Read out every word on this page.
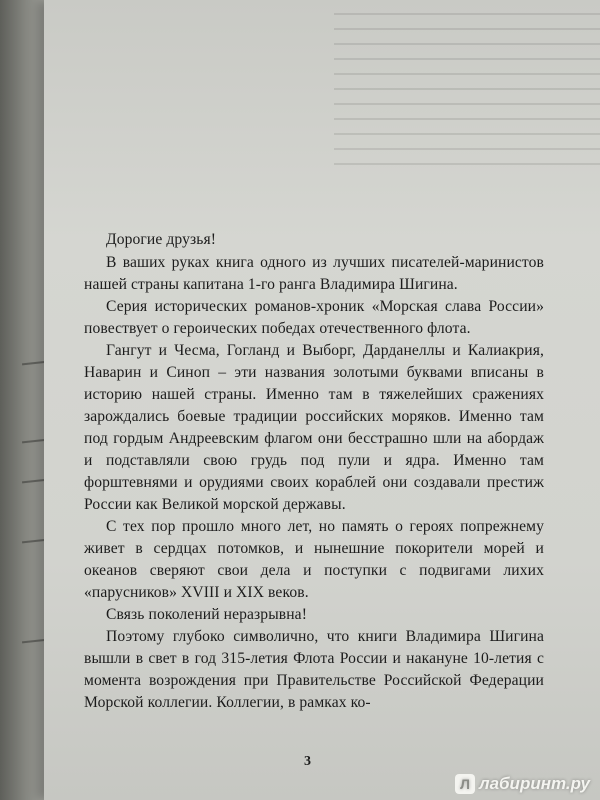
Дорогие друзья!

В ваших руках книга одного из лучших писателей-маринистов нашей страны капитана 1-го ранга Владимира Шигина.

Серия исторических романов-хроник «Морская слава России» повествует о героических победах отечественного флота.

Гангут и Чесма, Гогланд и Выборг, Дарданеллы и Калиакрия, Наварин и Синоп – эти названия золотыми буквами вписаны в историю нашей страны. Именно там в тяжелейших сражениях зарождались боевые традиции российских моряков. Именно там под гордым Андреевским флагом они бесстрашно шли на абордаж и подставляли свою грудь под пули и ядра. Именно там форштевнями и орудиями своих кораблей они создавали престиж России как Великой морской державы.

С тех пор прошло много лет, но память о героях попрежнему живет в сердцах потомков, и нынешние покорители морей и океанов сверяют свои дела и поступки с подвигами лихих «парусников» XVIII и XIX веков.

Связь поколений неразрывна!

Поэтому глубоко символично, что книги Владимира Шигина вышли в свет в год 315-летия Флота России и накануне 10-летия с момента возрождения при Правительстве Российской Федерации Морской коллегии. Коллегии, в рамках ко-

3
Л лабиринт.ру
